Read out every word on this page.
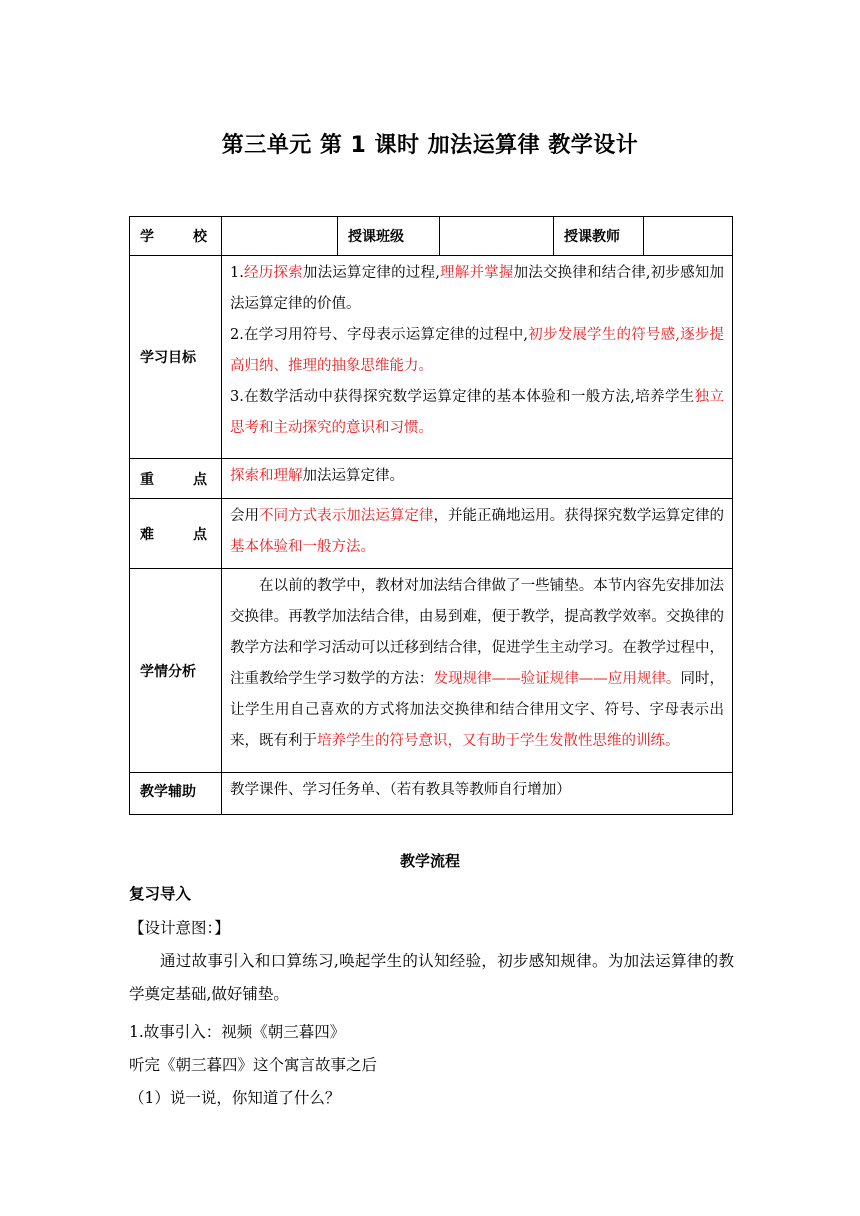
第三单元 第 1 课时 加法运算律 教学设计
学　　校		授课班级		授课教师	
学习目标	1.经历探索加法运算定律的过程,理解并掌握加法交换律和结合律,初步感知加法运算定律的价值。

2.在学习用符号、字母表示运算定律的过程中,初步发展学生的符号感,逐步提高归纳、推理的抽象思维能力。

3.在数学活动中获得探究数学运算定律的基本体验和一般方法,培养学生独立思考和主动探究的意识和习惯。				

重　　点	探索和理解加法运算定律。				

难　　点	会用不同方式表示加法运算定律，并能正确地运用。获得探究数学运算定律的基本体验和一般方法。				

学情分析	在以前的教学中，教材对加法结合律做了一些铺垫。本节内容先安排加法交换律。再教学加法结合律，由易到难，便于教学，提高教学效率。交换律的教学方法和学习活动可以迁移到结合律，促进学生主动学习。在教学过程中，注重教给学生学习数学的方法：发现规律——验证规律——应用规律。同时，让学生用自己喜欢的方式将加法交换律和结合律用文字、符号、字母表示出来，既有利于培养学生的符号意识，又有助于学生发散性思维的训练。				

教学辅助	教学课件、学习任务单、（若有教具等教师自行增加）				

教学流程
复习导入
【设计意图：】

通过故事引入和口算练习,唤起学生的认知经验，初步感知规律。为加法运算律的教学奠定基础,做好铺垫。

1.故事引入：视频《朝三暮四》
听完《朝三暮四》这个寓言故事之后
（1）说一说，你知道了什么？
